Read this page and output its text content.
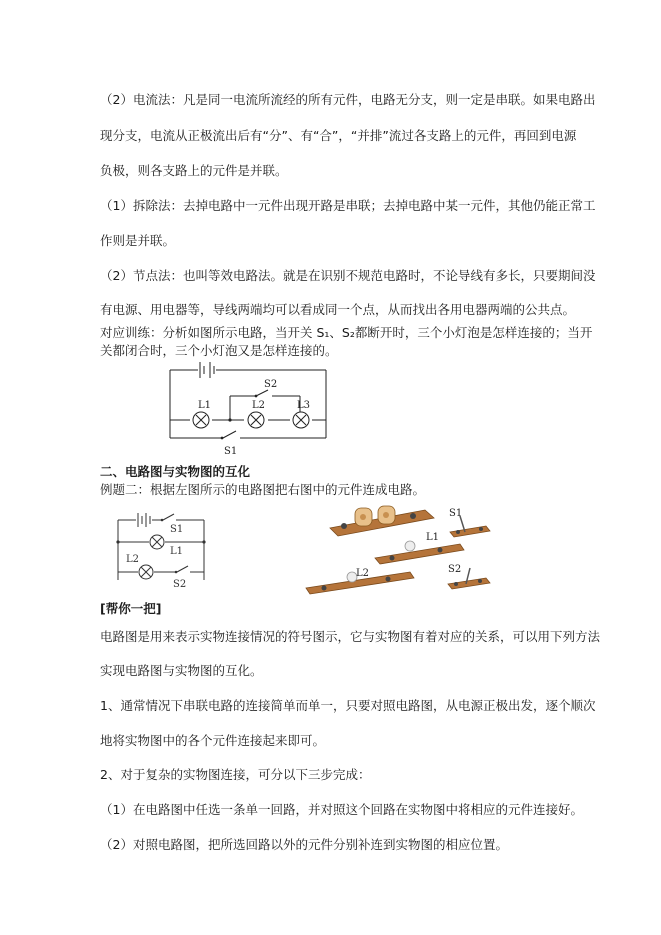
（2）电流法：凡是同一电流所流经的所有元件，电路无分支，则一定是串联。如果电路出
现分支，电流从正极流出后有“分”、有“合”，“并排”流过各支路上的元件，再回到电源
负极，则各支路上的元件是并联。
（1）拆除法：去掉电路中一元件出现开路是串联；去掉电路中某一元件，其他仍能正常工
作则是并联。
（2）节点法：也叫等效电路法。就是在识别不规范电路时，不论导线有多长，只要期间没
有电源、用电器等，导线两端均可以看成同一个点，从而找出各用电器两端的公共点。
对应训练：分析如图所示电路，当开关 S₁、S₂都断开时，三个小灯泡是怎样连接的；当开
关都闭合时，三个小灯泡又是怎样连接的。
L1	L2	L3
S2
S1
二、电路图与实物图的互化
例题二：根据左图所示的电路图把右图中的元件连成电路。
S1
L1
L2
S2
S1
L1
L2	S2
[帮你一把]
电路图是用来表示实物连接情况的符号图示，它与实物图有着对应的关系，可以用下列方法
实现电路图与实物图的互化。
1、通常情况下串联电路的连接简单而单一，只要对照电路图，从电源正极出发，逐个顺次
地将实物图中的各个元件连接起来即可。
2、对于复杂的实物图连接，可分以下三步完成：
（1）在电路图中任选一条单一回路，并对照这个回路在实物图中将相应的元件连接好。
（2）对照电路图，把所选回路以外的元件分别补连到实物图的相应位置。
